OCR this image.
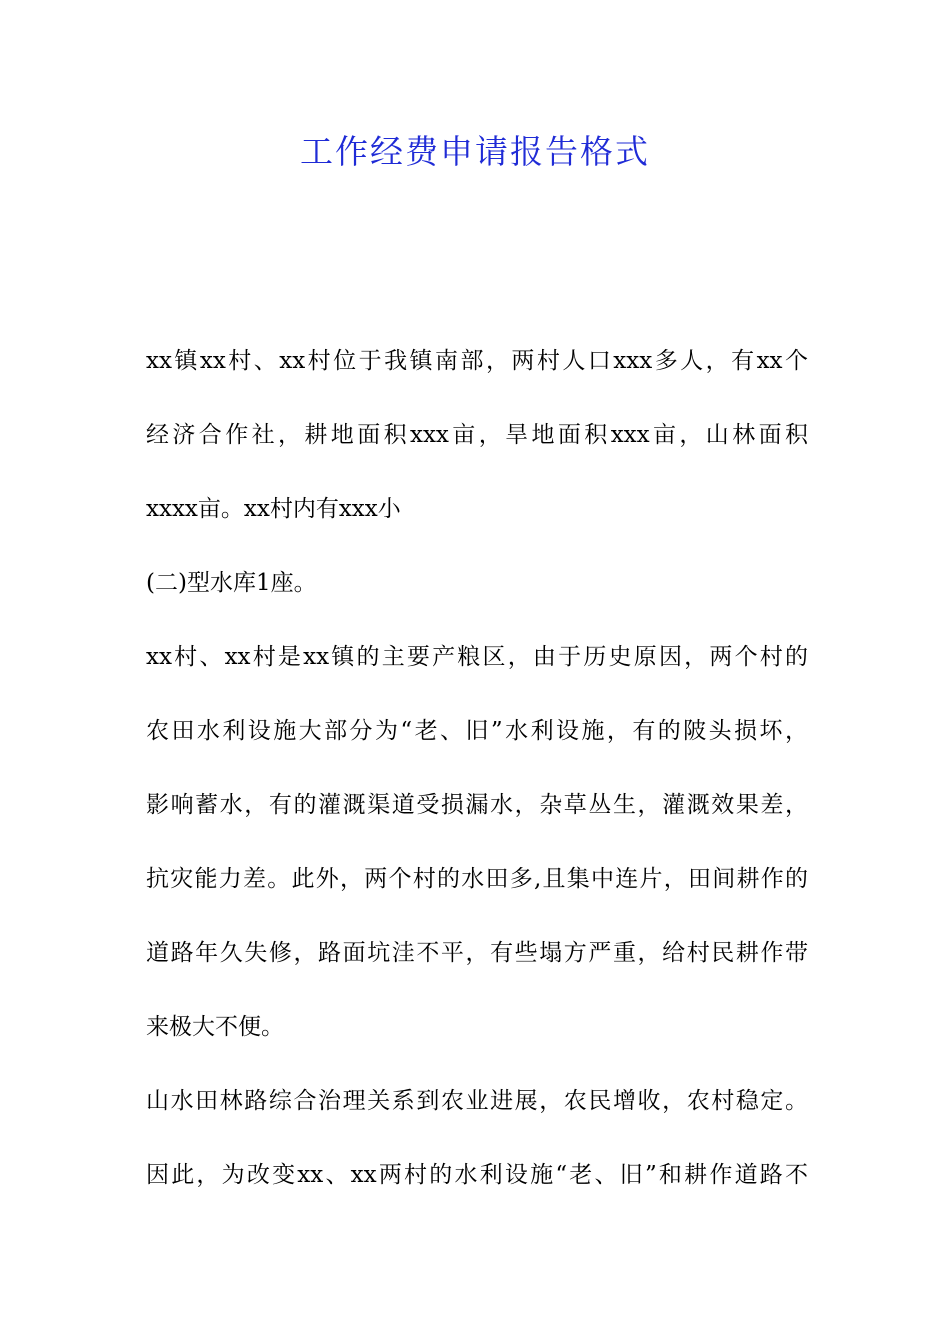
工作经费申请报告格式
xx镇xx村、xx村位于我镇南部，两村人口xxx多人，有xx个
经济合作社，耕地面积xxx亩，旱地面积xxx亩，山林面积
xxxx亩。xx村内有xxx小
(二)型水库1座。
xx村、xx村是xx镇的主要产粮区，由于历史原因，两个村的
农田水利设施大部分为“老、旧”水利设施，有的陂头损坏，
影响蓄水，有的灌溉渠道受损漏水，杂草丛生，灌溉效果差，
抗灾能力差。此外，两个村的水田多,且集中连片，田间耕作的
道路年久失修，路面坑洼不平，有些塌方严重，给村民耕作带
来极大不便。
山水田林路综合治理关系到农业进展，农民增收，农村稳定。
因此，为改变xx、xx两村的水利设施“老、旧”和耕作道路不
